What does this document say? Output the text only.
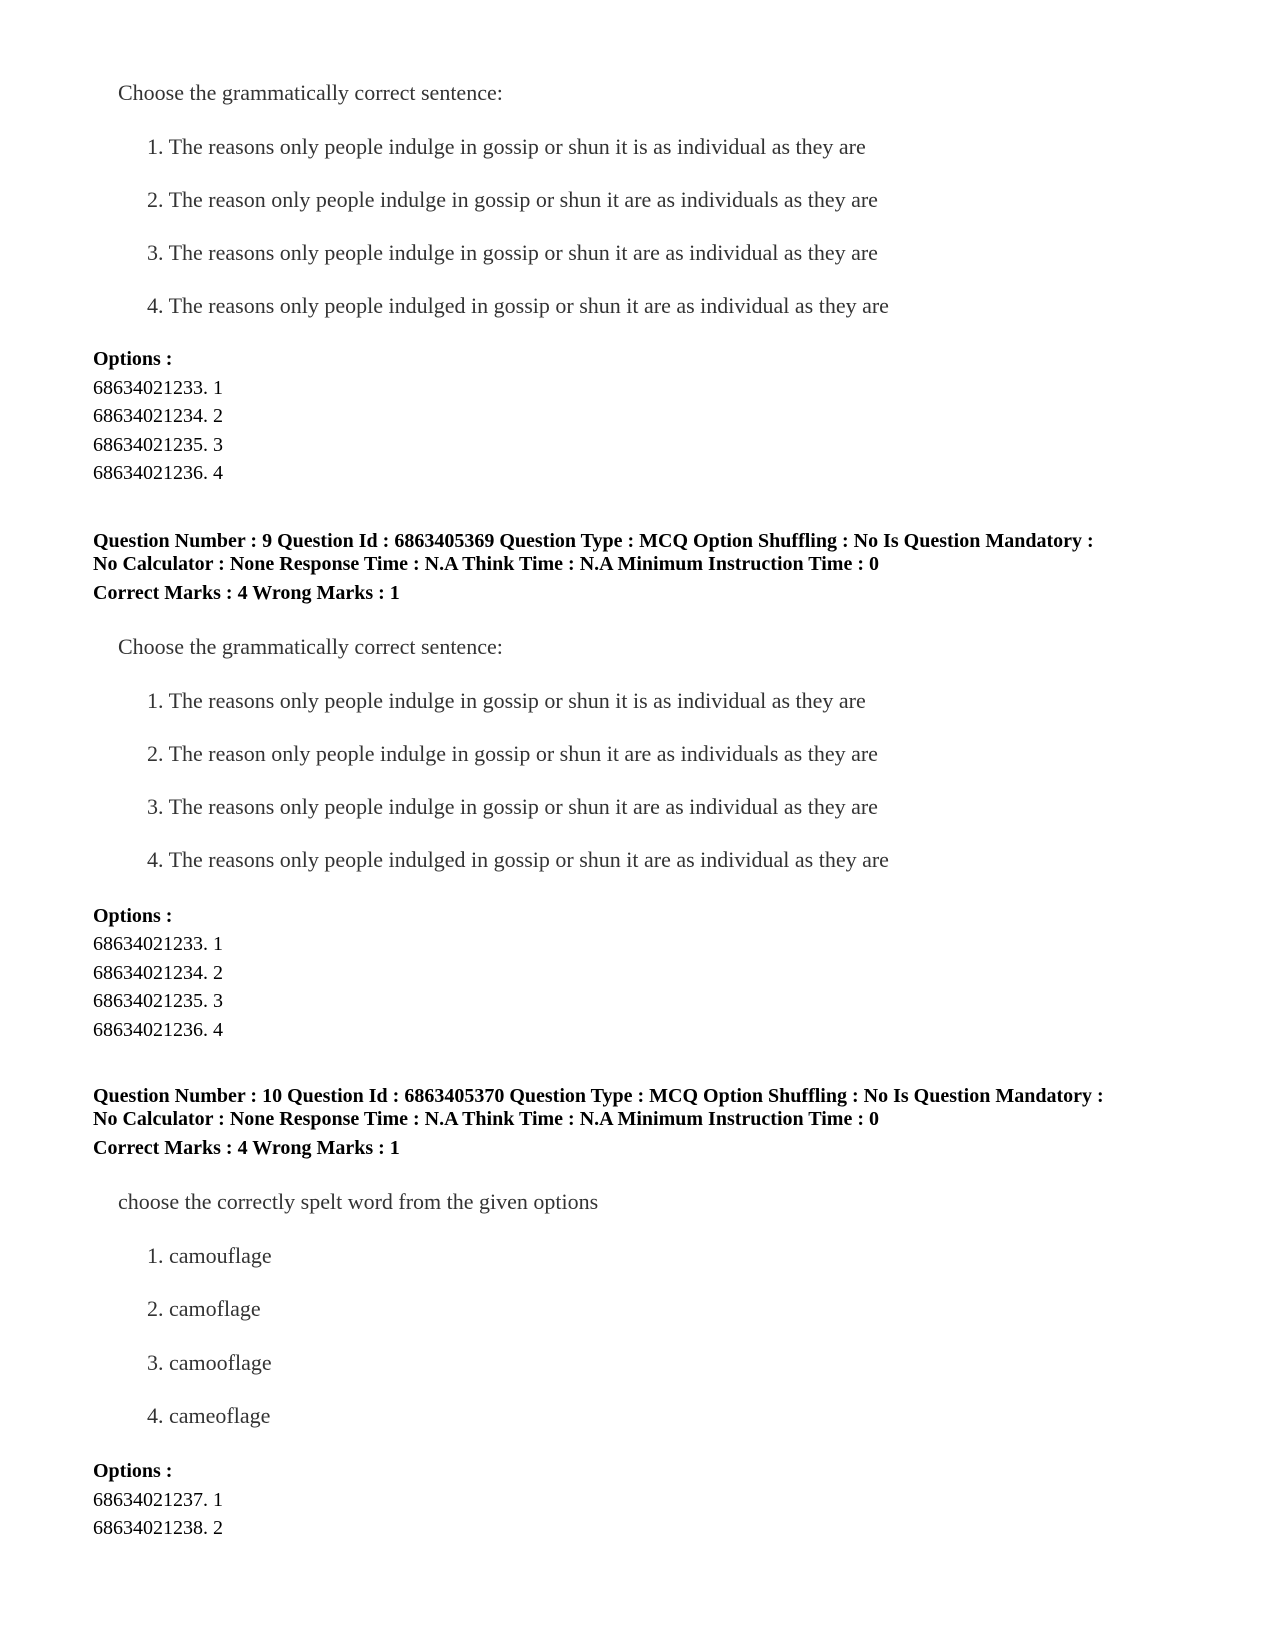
Choose the grammatically correct sentence:
1. The reasons only people indulge in gossip or shun it is as individual as they are
2. The reason only people indulge in gossip or shun it are as individuals as they are
3. The reasons only people indulge in gossip or shun it are as individual as they are
4. The reasons only people indulged in gossip or shun it are as individual as they are
Options :
68634021233. 1
68634021234. 2
68634021235. 3
68634021236. 4
Question Number : 9 Question Id : 6863405369 Question Type : MCQ Option Shuffling : No Is Question Mandatory :
No Calculator : None Response Time : N.A Think Time : N.A Minimum Instruction Time : 0
Correct Marks : 4 Wrong Marks : 1
Choose the grammatically correct sentence:
1. The reasons only people indulge in gossip or shun it is as individual as they are
2. The reason only people indulge in gossip or shun it are as individuals as they are
3. The reasons only people indulge in gossip or shun it are as individual as they are
4. The reasons only people indulged in gossip or shun it are as individual as they are
Options :
68634021233. 1
68634021234. 2
68634021235. 3
68634021236. 4
Question Number : 10 Question Id : 6863405370 Question Type : MCQ Option Shuffling : No Is Question Mandatory :
No Calculator : None Response Time : N.A Think Time : N.A Minimum Instruction Time : 0
Correct Marks : 4 Wrong Marks : 1
choose the correctly spelt word from the given options
1. camouflage
2. camoflage
3. camooflage
4. cameoflage
Options :
68634021237. 1
68634021238. 2
